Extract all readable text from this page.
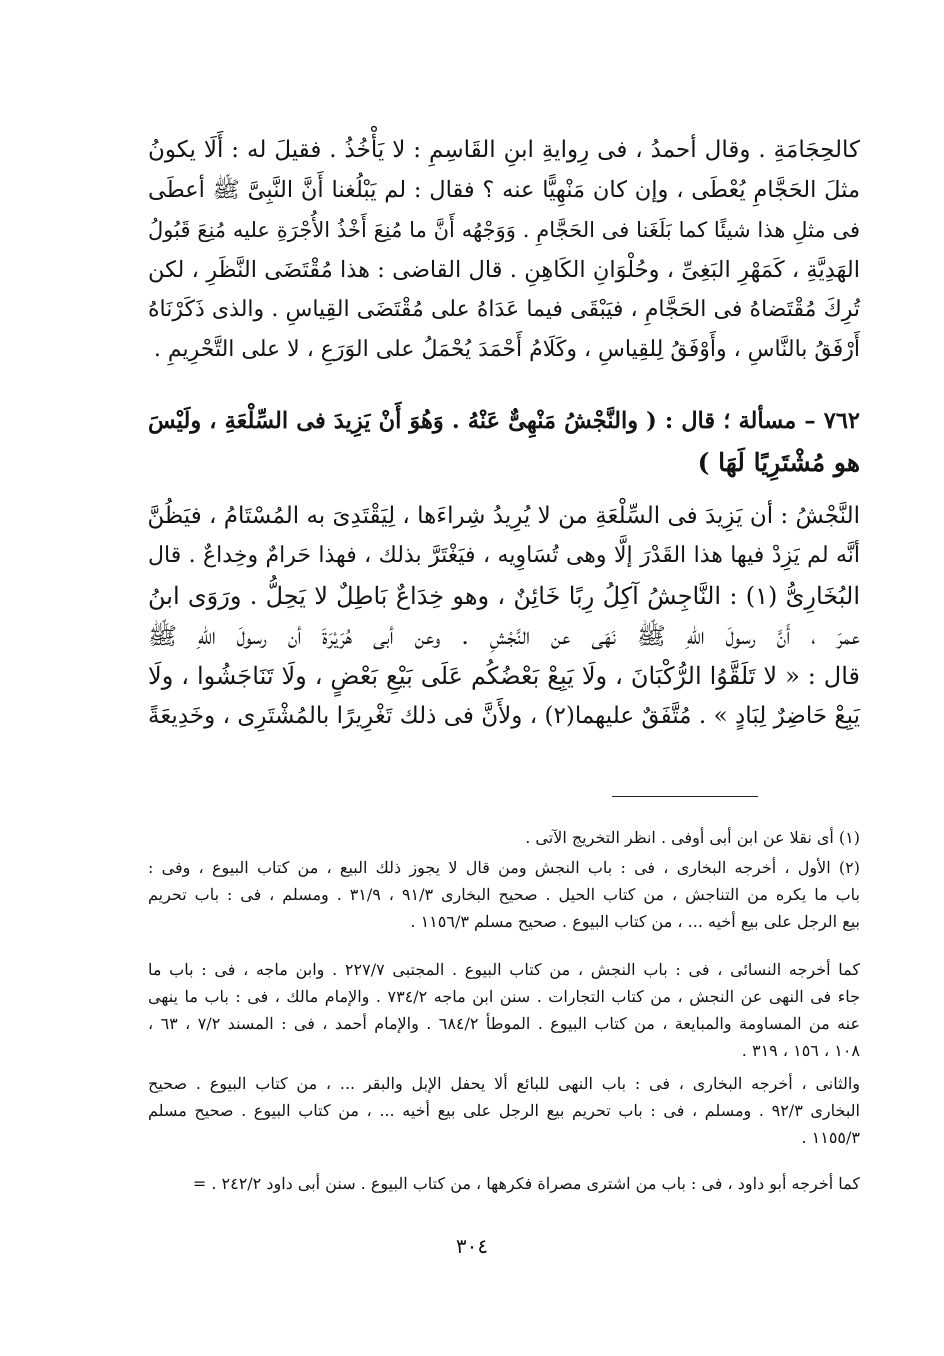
كالحِجَامَةِ . وقال أحمدُ ، فى رِوايةِ ابنِ القَاسِمِ : لا يَأْخُذُ . فقيلَ له : أَلَا يكونُ
مثلَ الحَجَّامِ يُعْطَى ، وإن كان مَنْهِيًّا عنه ؟ فقال : لم يَبْلُغنا أَنَّ النَّبِىَّ ﷺ أعطَى
فى مثلِ هذا شيئًا كما بَلَغَنا فى الحَجَّامِ . وَوَجْهُه أَنَّ ما مُنِعَ أَخْذُ الأُجْرَةِ عليه مُنِعَ قَبُولُ
الهَدِيَّةِ ، كَمَهْرِ البَغِىِّ ، وحُلْوَانِ الكَاهِنِ . قال القاضى : هذا مُقْتَضَى النَّظَرِ ، لكن
تُرِكَ مُقْتَضاهُ فى الحَجَّامِ ، فيَبْقَى فيما عَدَاهُ على مُقْتَضَى القِياسِ . والذى ذَكَرْنَاهُ
أَرْفَقُ بالنَّاسِ ، وأَوْفَقُ لِلقِياسِ ، وكَلَامُ أَحْمَدَ يُحْمَلُ على الوَرَعِ ، لا على التَّحْرِيمِ .
٧٦٢ – مسألة ؛ قال : ( والنَّجْشُ مَنْهِىٌّ عَنْهُ . وَهُوَ أَنْ يَزِيدَ فى السِّلْعَةِ ، ولَيْسَ
هو مُشْتَرِيًا لَهَا )
النَّجْشُ : أن يَزِيدَ فى السِّلْعَةِ من لا يُرِيدُ شِراءَها ، لِيَقْتَدِىَ به المُسْتَامُ ، فيَظُنَّ
أنَّه لم يَزِدْ فيها هذا القَدْرَ إلَّا وهى تُسَاوِيه ، فيَغْتَرَّ بذلك ، فهذا حَرامٌ وخِداعٌ . قال
البُخَارِىُّ (١) : النَّاجِشُ آكِلُ رِبًا خَائِنٌ ، وهو خِدَاعٌ بَاطِلٌ لا يَحِلُّ . ورَوَى ابنُ
عمرَ ، أَنَّ رسولَ اللهِ ﷺ نَهَى عن النَّجْشِ . وعن أبى هُرَيْرَةَ أن رسولَ اللهِ ﷺ
قال : « لا تَلَقَّوُا الرُّكْبَانَ ، ولَا يَبِعْ بَعْضُكُم عَلَى بَيْعِ بَعْضٍ ، ولَا تَنَاجَشُوا ، ولَا
يَبِعْ حَاضِرٌ لِبَادٍ » . مُتَّفَقٌ عليهما(٢) ، ولأَنَّ فى ذلك تَغْرِيرًا بالمُشْتَرِى ، وخَدِيعَةً
(١) أى نقلا عن ابن أبى أوفى . انظر التخريج الآتى .
(٢) الأول ، أخرجه البخارى ، فى : باب النجش ومن قال لا يجوز ذلك البيع ، من كتاب البيوع ، وفى :
باب ما يكره من التناجش ، من كتاب الحيل . صحيح البخارى ٩١/٣ ، ٣١/٩ . ومسلم ، فى : باب تحريم
بيع الرجل على بيع أخيه ... ، من كتاب البيوع . صحيح مسلم ١١٥٦/٣ .
كما أخرجه النسائى ، فى : باب النجش ، من كتاب البيوع . المجتبى ٢٢٧/٧ . وابن ماجه ، فى : باب ما
جاء فى النهى عن النجش ، من كتاب التجارات . سنن ابن ماجه ٧٣٤/٢ . والإمام مالك ، فى : باب ما ينهى
عنه من المساومة والمبايعة ، من كتاب البيوع . الموطأ ٦٨٤/٢ . والإمام أحمد ، فى : المسند ٧/٢ ، ٦٣ ،
١٠٨ ، ١٥٦ ، ٣١٩ .
والثانى ، أخرجه البخارى ، فى : باب النهى للبائع ألا يحفل الإبل والبقر ... ، من كتاب البيوع . صحيح
البخارى ٩٢/٣ . ومسلم ، فى : باب تحريم بيع الرجل على بيع أخيه ... ، من كتاب البيوع . صحيح مسلم
١١٥٥/٣ .
كما أخرجه أبو داود ، فى : باب من اشترى مصراة فكرهها ، من كتاب البيوع . سنن أبى داود ٢٤٢/٢ . =
٣٠٤
